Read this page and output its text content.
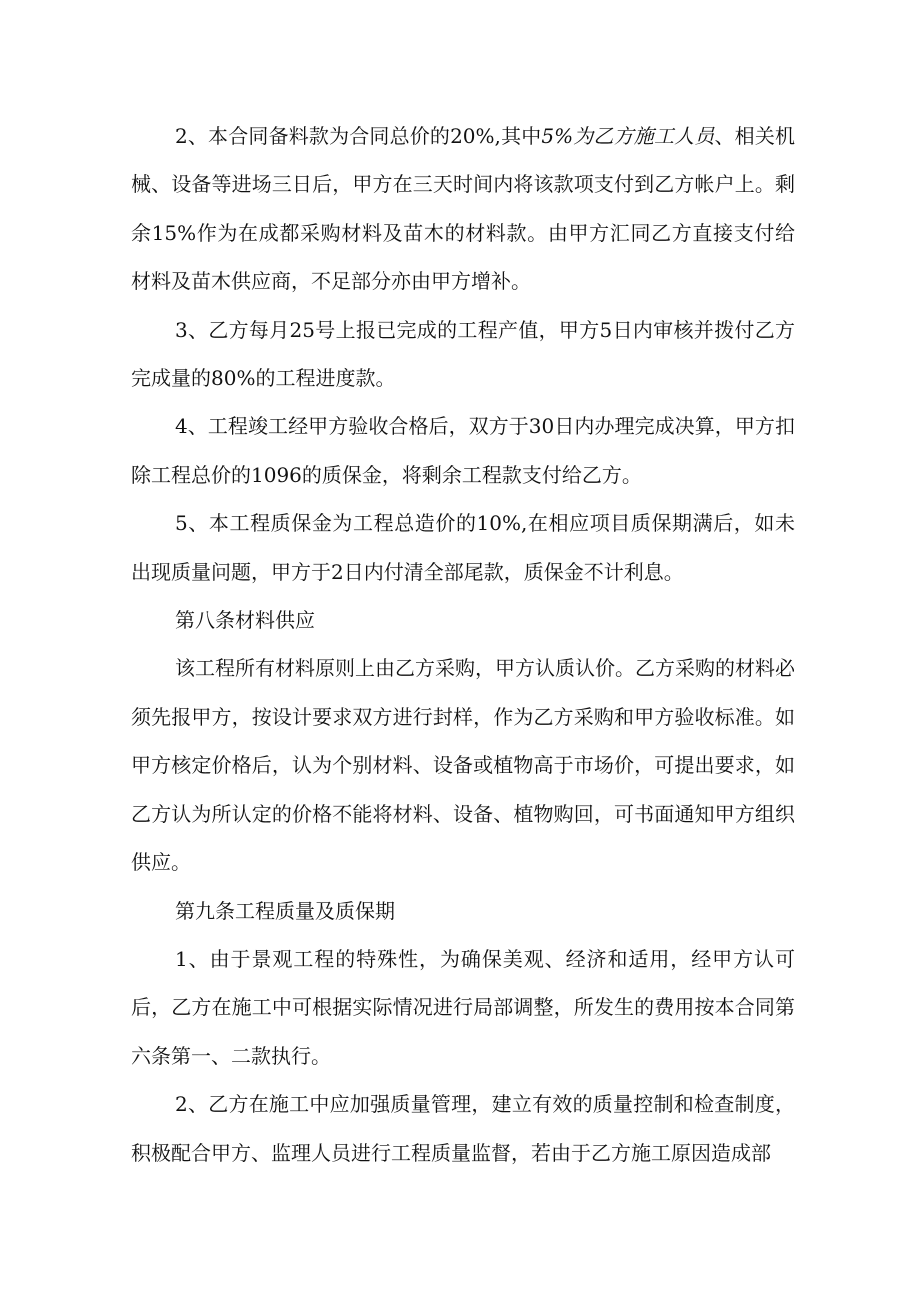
2、本合同备料款为合同总价的20%,其中5%为乙方施工人员、相关机械、设备等进场三日后，甲方在三天时间内将该款项支付到乙方帐户上。剩余15%作为在成都采购材料及苗木的材料款。由甲方汇同乙方直接支付给材料及苗木供应商，不足部分亦由甲方增补。

3、乙方每月25号上报已完成的工程产值，甲方5日内审核并拨付乙方完成量的80%的工程进度款。

4、工程竣工经甲方验收合格后，双方于30日内办理完成决算，甲方扣除工程总价的1096的质保金，将剩余工程款支付给乙方。

5、本工程质保金为工程总造价的10%,在相应项目质保期满后，如未出现质量问题，甲方于2日内付清全部尾款，质保金不计利息。

第八条材料供应

该工程所有材料原则上由乙方采购，甲方认质认价。乙方采购的材料必须先报甲方，按设计要求双方进行封样，作为乙方采购和甲方验收标准。如甲方核定价格后，认为个别材料、设备或植物高于市场价，可提出要求，如乙方认为所认定的价格不能将材料、设备、植物购回，可书面通知甲方组织供应。

第九条工程质量及质保期

1、由于景观工程的特殊性，为确保美观、经济和适用，经甲方认可后，乙方在施工中可根据实际情况进行局部调整，所发生的费用按本合同第六条第一、二款执行。

2、乙方在施工中应加强质量管理，建立有效的质量控制和检查制度，积极配合甲方、监理人员进行工程质量监督，若由于乙方施工原因造成部
